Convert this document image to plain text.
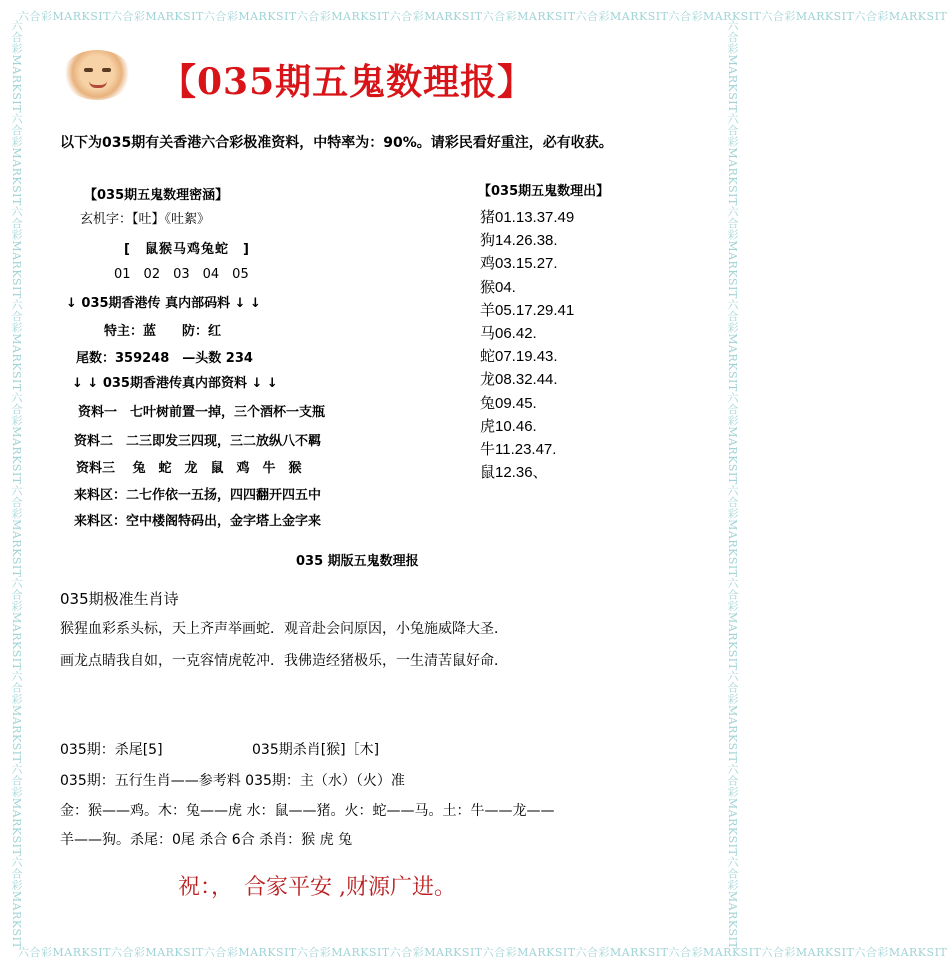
六合彩MARKSIT六合彩MARKSIT六合彩MARKSIT六合彩MARKSIT六合彩MARKSIT六合彩MARKSIT六合彩MARKSIT六合彩MARKSIT六合彩MARKSIT六合彩MARKSIT
六合彩MARKSIT六合彩MARKSIT六合彩MARKSIT六合彩MARKSIT六合彩MARKSIT六合彩MARKSIT六合彩MARKSIT六合彩MARKSIT六合彩MARKSIT六合彩MARKSIT
六合彩MARKSIT六合彩MARKSIT六合彩MARKSIT六合彩MARKSIT六合彩MARKSIT六合彩MARKSIT六合彩MARKSIT六合彩MARKSIT六合彩MARKSIT六合彩MARKSIT	六合彩MARKSIT六合彩MARKSIT六合彩MARKSIT六合彩MARKSIT六合彩MARKSIT六合彩MARKSIT六合彩MARKSIT六合彩MARKSIT六合彩MARKSIT六合彩MARKSIT
【035期五鬼数理报】
以下为035期有关香港六合彩极准资料，中特率为：90%。请彩民看好重注，必有收获。
【035期五鬼数理密涵】
玄机字：【吐】《吐絮》
[　鼠猴马鸡兔蛇　]
01　02　03　04　05
↓ 035期香港传 真内部码料 ↓ ↓
特主：蓝　　防：红
尾数：359248　—头数 234
↓ ↓ 035期香港传真内部资料 ↓ ↓
资料一　七叶树前置一掉，三个酒杯一支瓶
资料二　二三即发三四现，三二放纵八不羁
资料三　 兔　蛇　龙　鼠　鸡　牛　猴
来料区：二七作依一五扬，四四翻开四五中
来料区：空中楼阁特码出，金字塔上金字来
【035期五鬼数理出】
猪01.13.37.49
狗14.26.38.
鸡03.15.27.
猴04.
羊05.17.29.41
马06.42.
蛇07.19.43.
龙08.32.44.
兔09.45.
虎10.46.
牛11.23.47.
鼠12.36、
035 期版五鬼数理报
035期极准生肖诗
猴猩血彩系头标，天上齐声举画蛇．观音赴会问原因，小兔施威降大圣．
画龙点睛我自如，一克容情虎乾冲．我佛造经猪极乐，一生清苦鼠好命．
035期：杀尾[5]	035期杀肖[猴]［木]
035期：五行生肖——参考料 035期：主（水）（火）准
金：猴——鸡。木：兔——虎 水：鼠——猪。火：蛇——马。土：牛——龙——
羊——狗。杀尾：0尾 杀合 6合 杀肖：猴 虎 兔
祝：，　合家平安 ,财源广进。
